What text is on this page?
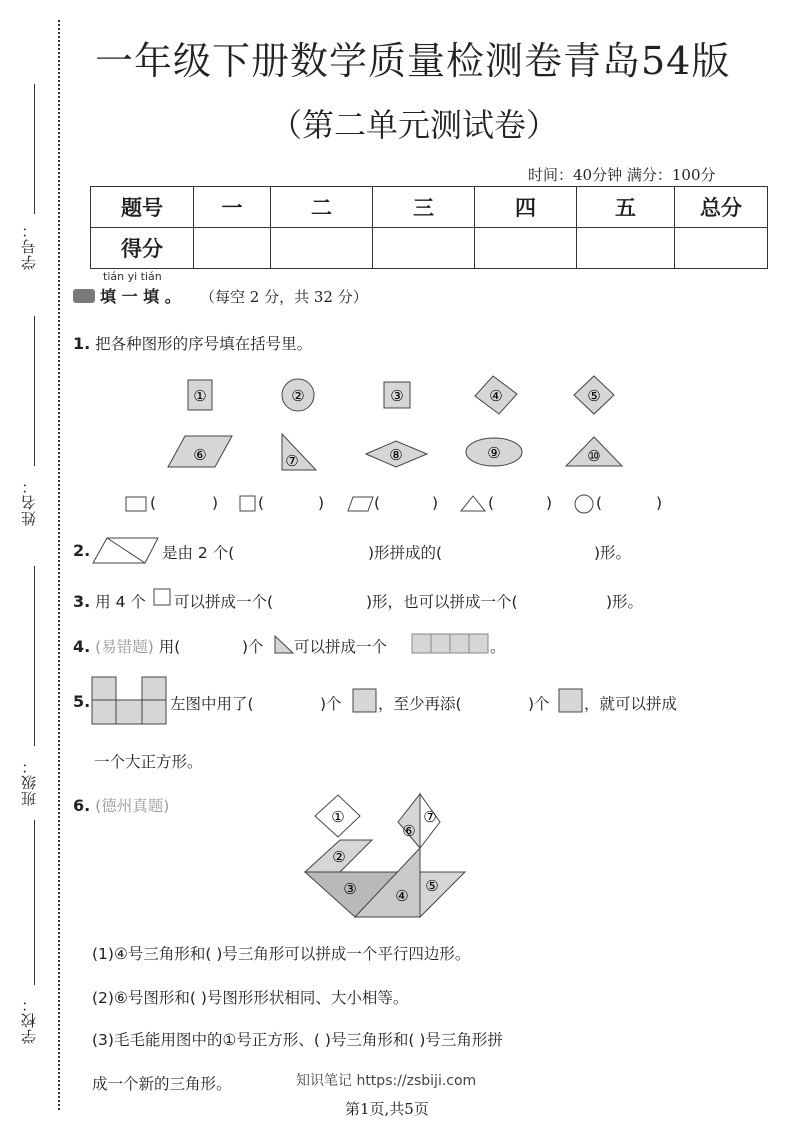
学号：
姓名：
班级：
学校：
一年级下册数学质量检测卷青岛54版
（第二单元测试卷）
时间：40分钟 满分：100分
题号	一	二	三	四	五	总分
得分						
tián yi tián
填 一 填 。 （每空 2 分，共 32 分）
1. 把各种图形的序号填在括号里。
①	②	③	④	⑤
⑥	⑦	⑧	⑨	⑩
①
②
③	④
⑤
⑥
⑦
(	)	(	)	(	)	(	)	(	)
2.	是由 2 个(	)形拼成的(	)形。
3. 用 4 个 可以拼成一个(	)形，也可以拼成一个(	)形。
4. (易错题) 用(	)个 可以拼成一个	。
5.	左图中用了(	)个 ，至少再添(	)个 ，就可以拼成
一个大正方形。
6. (德州真题)
(1)④号三角形和( )号三角形可以拼成一个平行四边形。
(2)⑥号图形和( )号图形形状相同、大小相等。
(3)毛毛能用图中的①号正方形、( )号三角形和( )号三角形拼
成一个新的三角形。	知识笔记 https://zsbiji.com
第1页,共5页
